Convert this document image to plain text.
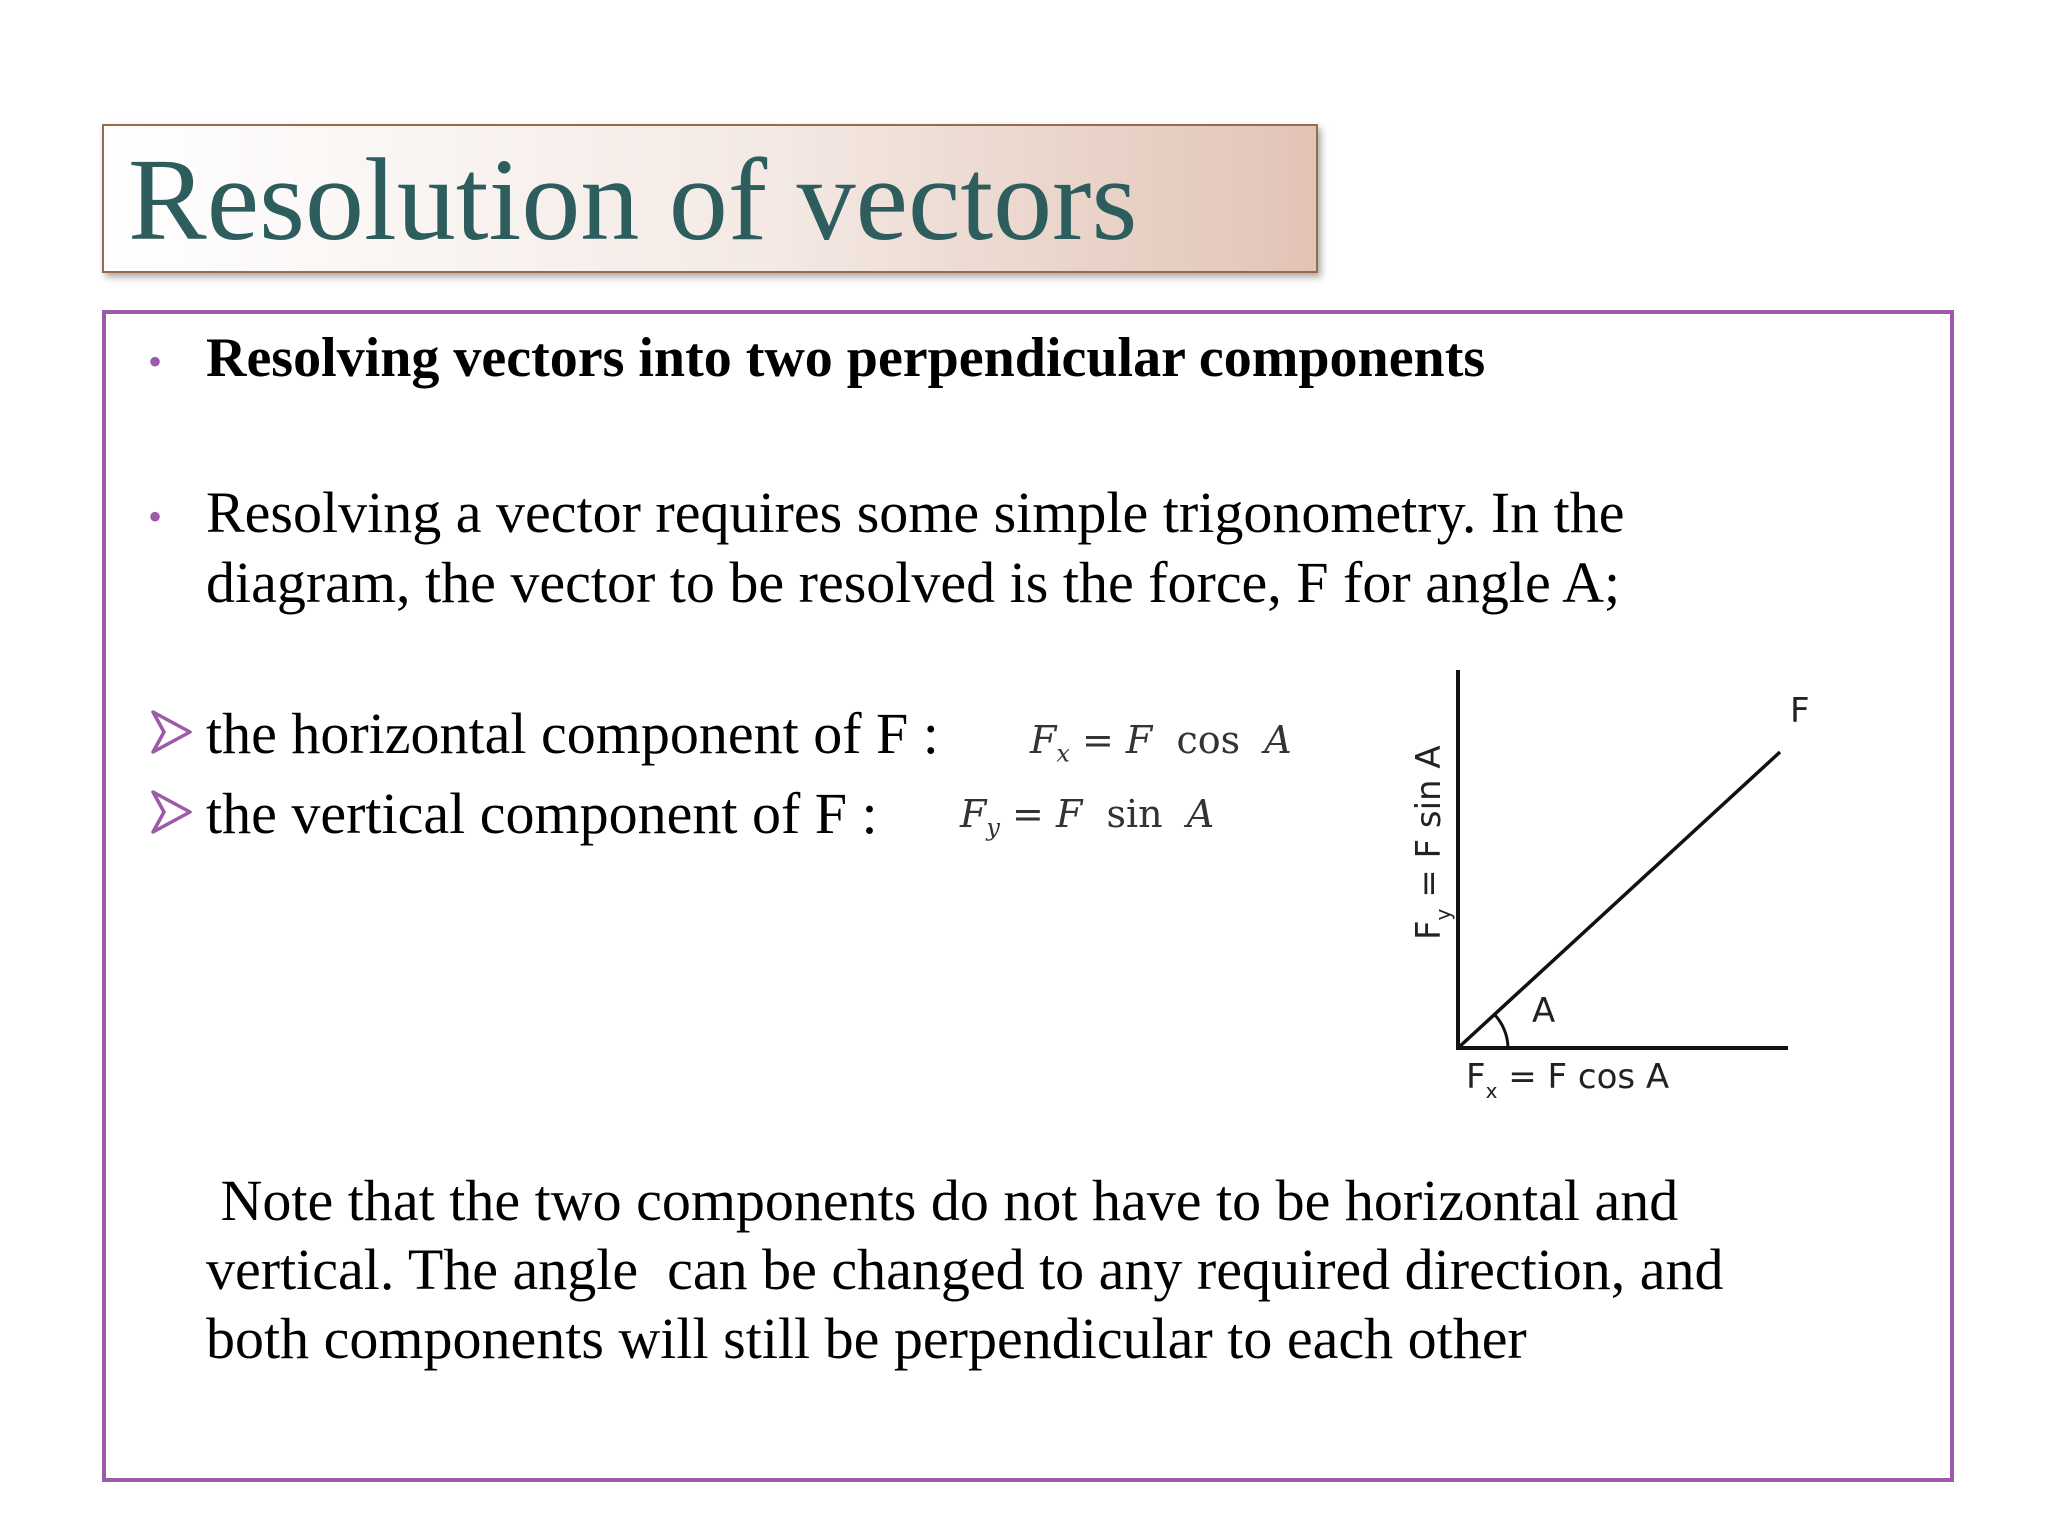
Resolution of vectors
• Resolving vectors into two perpendicular components
• Resolving a vector requires some simple trigonometry. In the
diagram, the vector to be resolved is the force, F for angle A;
the horizontal component of F : $F_x = F$  cos  A
the vertical component of F : $F_y = F$  sin  A
F
A
$F_x = F$ cos A
$F_y = F$ sin A
Note that the two components do not have to be horizontal and
vertical. The angle  can be changed to any required direction, and
both components will still be perpendicular to each other
